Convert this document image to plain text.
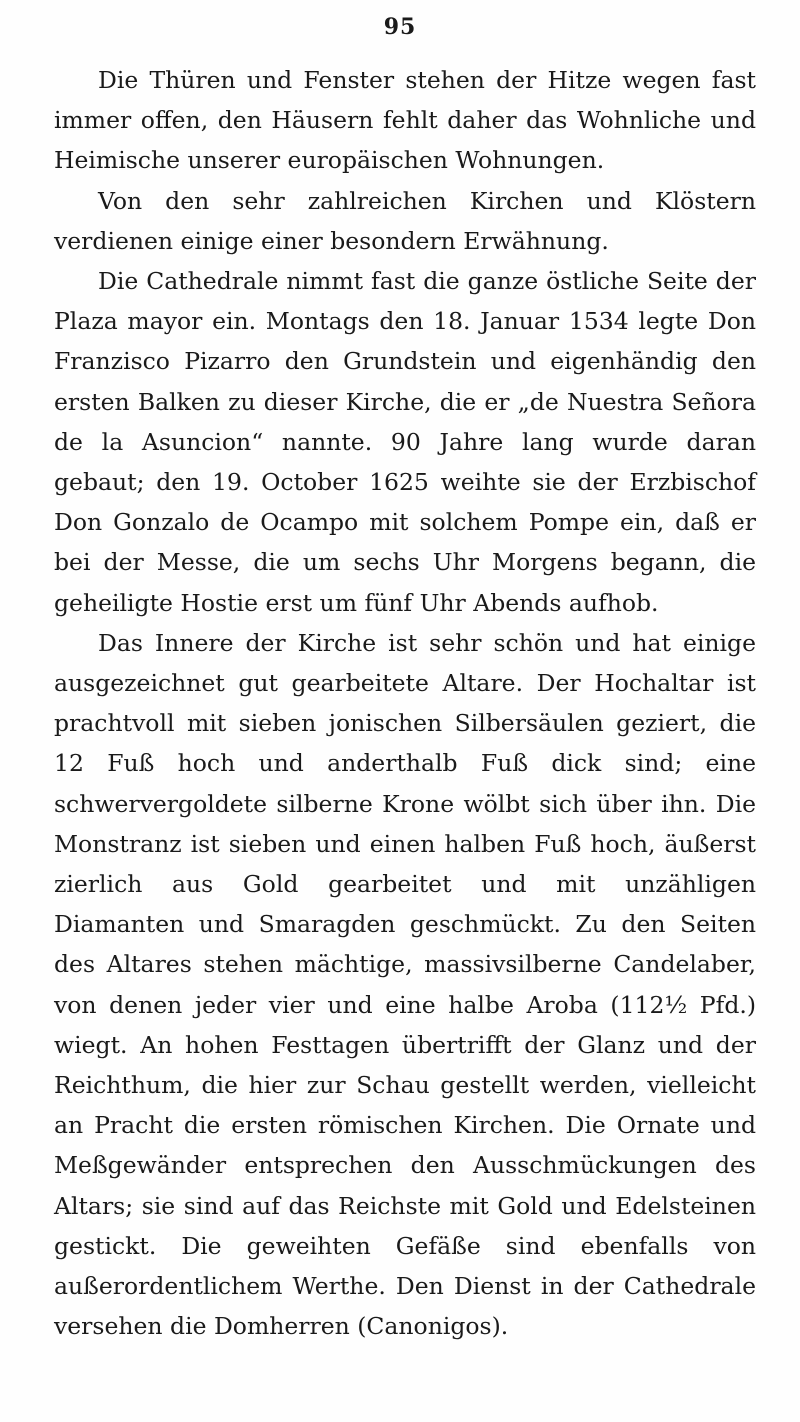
95

Die Thüren und Fenster stehen der Hitze wegen fast immer offen, den Häusern fehlt daher das Wohnliche und Heimische unserer europäischen Wohnungen.

Von den sehr zahlreichen Kirchen und Klöstern verdienen einige einer besondern Erwähnung.

Die Cathedrale nimmt fast die ganze östliche Seite der Plaza mayor ein. Montags den 18. Januar 1534 legte Don Franzisco Pizarro den Grundstein und eigenhändig den ersten Balken zu dieser Kirche, die er „de Nuestra Señora de la Asuncion“ nannte. 90 Jahre lang wurde daran gebaut; den 19. October 1625 weihte sie der Erzbischof Don Gonzalo de Ocampo mit solchem Pompe ein, daß er bei der Messe, die um sechs Uhr Morgens begann, die geheiligte Hostie erst um fünf Uhr Abends aufhob.

Das Innere der Kirche ist sehr schön und hat einige ausgezeichnet gut gearbeitete Altare. Der Hochaltar ist prachtvoll mit sieben jonischen Silbersäulen geziert, die 12 Fuß hoch und anderthalb Fuß dick sind; eine schwervergoldete silberne Krone wölbt sich über ihn. Die Monstranz ist sieben und einen halben Fuß hoch, äußerst zierlich aus Gold gearbeitet und mit unzähligen Diamanten und Smaragden geschmückt. Zu den Seiten des Altares stehen mächtige, massivsilberne Candelaber, von denen jeder vier und eine halbe Aroba (112½ Pfd.) wiegt. An hohen Festtagen übertrifft der Glanz und der Reichthum, die hier zur Schau gestellt werden, vielleicht an Pracht die ersten römischen Kirchen. Die Ornate und Meßgewänder entsprechen den Ausschmückungen des Altars; sie sind auf das Reichste mit Gold und Edelsteinen gestickt. Die geweihten Gefäße sind ebenfalls von außerordentlichem Werthe. Den Dienst in der Cathedrale versehen die Domherren (Canonigos).
